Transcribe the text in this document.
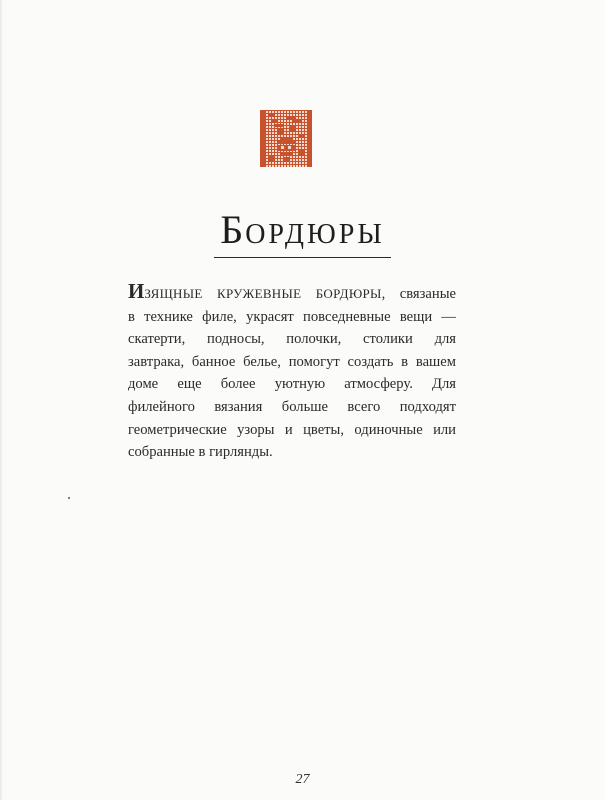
БОРДЮРЫ

ИЗЯЩНЫЕ КРУЖЕВНЫЕ БОРДЮРЫ, связаные
в технике филе, украсят повседневные вещи —
скатерти, подносы, полочки, столики для
завтрака, банное белье, помогут создать в вашем
доме еще более уютную атмосферу. Для
филейного вязания больше всего подходят
геометрические узоры и цветы, одиночные или
собранные в гирлянды.

27
